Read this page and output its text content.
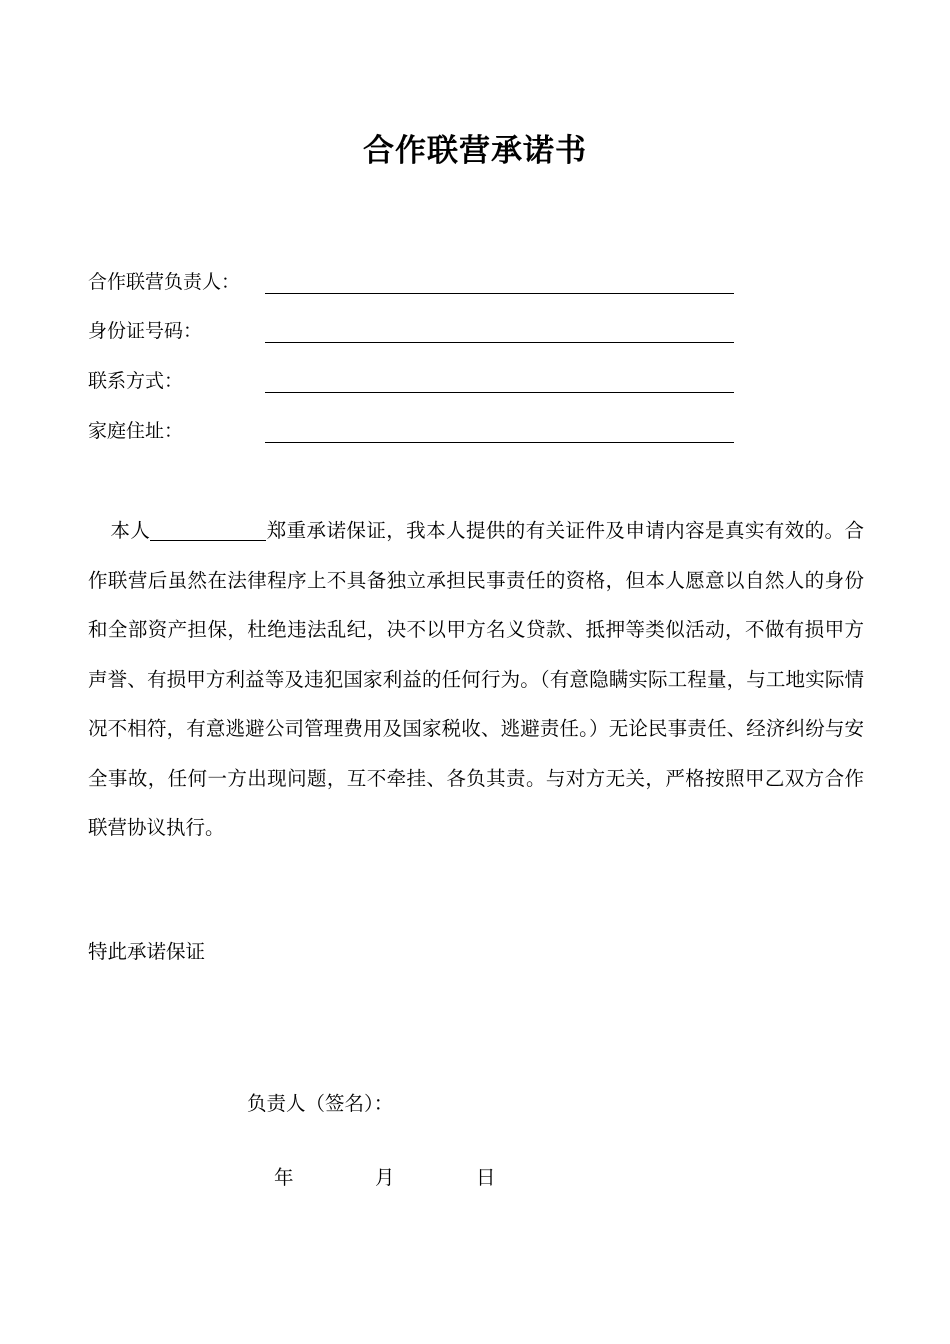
合作联营承诺书
合作联营负责人：
身份证号码：
联系方式：
家庭住址：
本人	郑重承诺保证，我本人提供的有关证件及申请内容是真实有效的。合作联营后虽然在法律程序上不具备独立承担民事责任的资格，但本人愿意以自然人的身份和全部资产担保，杜绝违法乱纪，决不以甲方名义贷款、抵押等类似活动，不做有损甲方声誉、有损甲方利益等及违犯国家利益的任何行为。（有意隐瞒实际工程量，与工地实际情况不相符，有意逃避公司管理费用及国家税收、逃避责任。）无论民事责任、经济纠纷与安全事故，任何一方出现问题，互不牵挂、各负其责。与对方无关，严格按照甲乙双方合作联营协议执行。
特此承诺保证
负责人（签名）：
年	月	日
